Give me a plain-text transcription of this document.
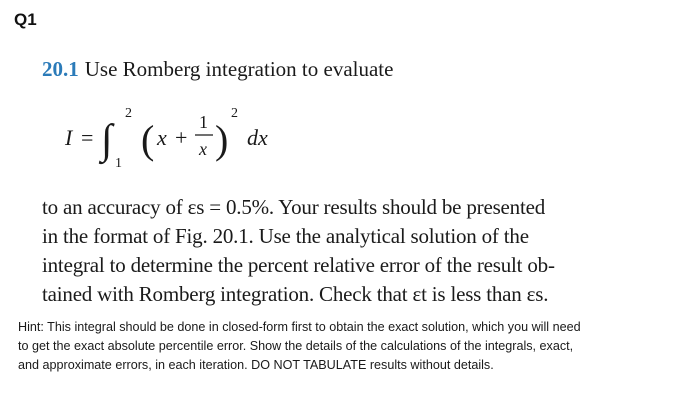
Q1
20.1 Use Romberg integration to evaluate
I = ∫
2
1
( x +
1
x )
2
dx
to an accuracy of εs = 0.5%. Your results should be presented
in the format of Fig. 20.1. Use the analytical solution of the
integral to determine the percent relative error of the result ob-
tained with Romberg integration. Check that εt is less than εs.
Hint: This integral should be done in closed-form first to obtain the exact solution, which you will need
to get the exact absolute percentile error. Show the details of the calculations of the integrals, exact,
and approximate errors, in each iteration. DO NOT TABULATE results without details.
